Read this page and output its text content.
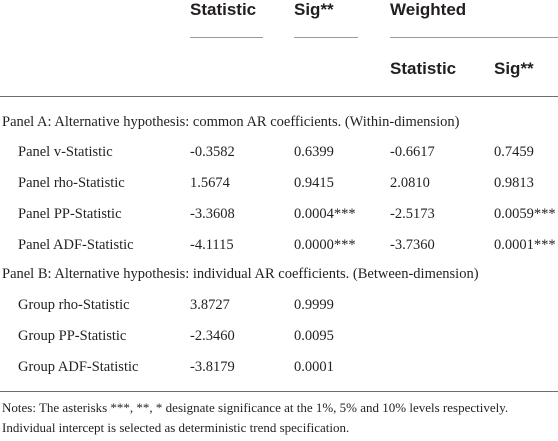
Statistic Sig**	Weighted
Statistic Sig**
Panel A: Alternative hypothesis: common AR coefficients. (Within-dimension)
Panel v-Statistic	-0.3582	0.6399	-0.6617	0.7459
Panel rho-Statistic	1.5674	0.9415	2.0810	0.9813
Panel PP-Statistic	-3.3608	0.0004*** -2.5173	0.0059***
Panel ADF-Statistic	-4.1115	0.0000*** -3.7360	0.0001***
Panel B: Alternative hypothesis: individual AR coefficients. (Between-dimension)
Group rho-Statistic	3.8727	0.9999
Group PP-Statistic	-2.3460	0.0095
Group ADF-Statistic	-3.8179	0.0001
Notes: The asterisks ***, **, * designate significance at the 1%, 5% and 10% levels respectively. Individual intercept is selected as deterministic trend specification.
